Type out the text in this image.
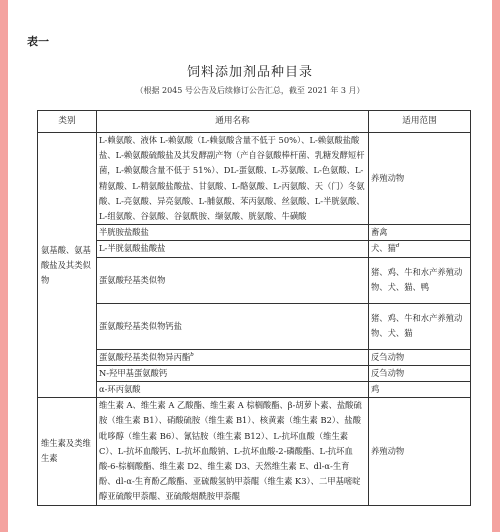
表一
饲料添加剂品种目录
（根据 2045 号公告及后续修订公告汇总，截至 2021 年 3 月）
类别	通用名称	适用范围
氨基酸、氨基酸盐及其类似物	L-赖氨酸、液体 L-赖氨酸（L-赖氨酸含量不低于 50%）、L-赖氨酸盐酸盐、L-赖氨酸硫酸盐及其发酵副产物（产自谷氨酸棒杆菌、乳糖发酵短杆菌，L-赖氨酸含量不低于 51%）、DL-蛋氨酸、L-苏氨酸、L-色氨酸、L-精氨酸、L-精氨酸盐酸盐、甘氨酸、L-酪氨酸、L-丙氨酸、天（门）冬氨酸、L-亮氨酸、异亮氨酸、L-脯氨酸、苯丙氨酸、丝氨酸、L-半胱氨酸、L-组氨酸、谷氨酸、谷氨酰胺、缬氨酸、胱氨酸、牛磺酸	养殖动物
	半胱胺盐酸盐	畜禽
	L-半胱氨酸盐酸盐	犬、猫$^d$
	蛋氨酸羟基类似物	猪、鸡、牛和水产养殖动物、犬、猫、鸭
	蛋氨酸羟基类似物钙盐	猪、鸡、牛和水产养殖动物、犬、猫
	蛋氨酸羟基类似物异丙酯$^b$	反刍动物
	N-羟甲基蛋氨酸钙	反刍动物
	α-环丙氨酸	鸡
维生素及类维生素	维生素 A、维生素 A 乙酸酯、维生素 A 棕榈酸酯、β-胡萝卜素、盐酸硫胺（维生素 B1）、硝酸硫胺（维生素 B1）、核黄素（维生素 B2）、盐酸吡哆醇（维生素 B6）、氰钴胺（维生素 B12）、L-抗坏血酸（维生素 C）、L-抗坏血酸钙、L-抗坏血酸钠、L-抗坏血酸-2-磷酸酯、L-抗坏血酸-6-棕榈酸酯、维生素 D2、维生素 D3、天然维生素 E、dl-α-生育酚、dl-α-生育酚乙酸酯、亚硫酸氢钠甲萘醌（维生素 K3）、二甲基嘧啶醇亚硫酸甲萘醌、亚硫酸烟酰胺甲萘醌	养殖动物
